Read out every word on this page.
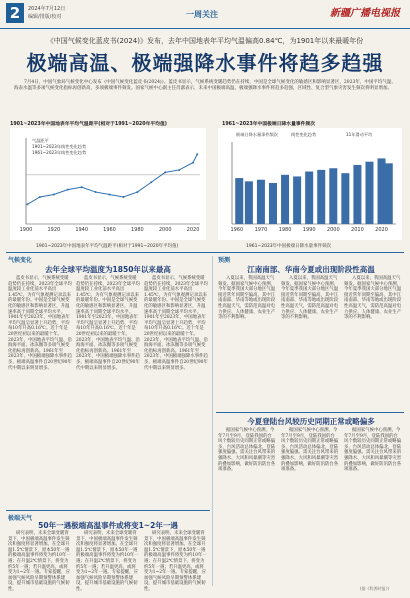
2	2024年7月12日
编辑/排版/校对	一周关注	新疆广播电视报
《中国气候变化蓝皮书(2024)》发布，去年中国地表年平均气温偏高0.84℃，为1901年以来最暖年份
极端高温、极端强降水事件将趋多趋强
7月4日，中国气象局气候变化中心发布《中国气候变化蓝皮书(2024)》。蓝皮书显示，气候系统变暖趋势仍在持续，中国是全球气候变化的敏感区和影响显著区，2023年，中国平均气温、海表水温等多项气候变化指标再创新高，多项极端事件频发。国家气候中心副主任肖潺表示，未来中国极端高温、极端强降水事件将趋多趋强，区域性、复合型气象灾害发生频次将明显增加。
1901~2023年中国地表年平均气温距平(相对于1991~2020年平均值)
1900	1920	1940	1960	1980	2000	2020
气温距平
1901~2023年线性变化趋势
1961~2023年线性变化趋势
1901~2023年中国地表年平均气温距平(相对于1991~2020年平均值)
1961~2023年中国极端日降水量事件频次
1960 1970 1980 1990 2000 2010 2020
极端日降水量事件频次	线性变化趋势	11年滑动平均
1961~2023年中国极端日降水量事件频次
气候变化
去年全球平均温度为1850年以来最高
蓝皮书显示，气候系统变暖趋势仍在持续，2023年全球平均温度较工业化前水平高出1.45℃，为有气象观测记录以来的最暖年份。中国是全球气候变化的敏感区和影响显著区，升温速率高于同期全球平均水平。1901年至2023年，中国地表年平均气温呈显著上升趋势，平均每10年升高0.16℃。近十年是20世纪初以来的最暖十年。2023年，中国地表平均气温、沿海海平面、冰冻圈等多项气候变化指标再创新高。1961年至2023年，中国极端强降水事件趋多，极端高温事件自20世纪90年代中期以来明显增多。
蓝皮书显示，气候系统变暖趋势仍在持续，2023年全球平均温度较工业化前水平高出1.45℃，为有气象观测记录以来的最暖年份。中国是全球气候变化的敏感区和影响显著区，升温速率高于同期全球平均水平。1901年至2023年，中国地表年平均气温呈显著上升趋势，平均每10年升高0.16℃。近十年是20世纪初以来的最暖十年。2023年，中国地表平均气温、沿海海平面、冰冻圈等多项气候变化指标再创新高。1961年至2023年，中国极端强降水事件趋多，极端高温事件自20世纪90年代中期以来明显增多。
蓝皮书显示，气候系统变暖趋势仍在持续，2023年全球平均温度较工业化前水平高出1.45℃，为有气象观测记录以来的最暖年份。中国是全球气候变化的敏感区和影响显著区，升温速率高于同期全球平均水平。1901年至2023年，中国地表年平均气温呈显著上升趋势，平均每10年升高0.16℃。近十年是20世纪初以来的最暖十年。2023年，中国地表平均气温、沿海海平面、冰冻圈等多项气候变化指标再创新高。1961年至2023年，中国极端强降水事件趋多，极端高温事件自20世纪90年代中期以来明显增多。
预测
江南南部、华南今夏或出现阶段性高温
入夏以来，我国高温天气频发。据国家气候中心预测，今年夏季我国大部分地区气温接近常年同期至偏高，其中江南南部、华南等地或出现阶段性高温天气，需防范高温对电力供应、人体健康、农业生产等的不利影响。
入夏以来，我国高温天气频发。据国家气候中心预测，今年夏季我国大部分地区气温接近常年同期至偏高，其中江南南部、华南等地或出现阶段性高温天气，需防范高温对电力供应、人体健康、农业生产等的不利影响。
入夏以来，我国高温天气频发。据国家气候中心预测，今年夏季我国大部分地区气温接近常年同期至偏高，其中江南南部、华南等地或出现阶段性高温天气，需防范高温对电力供应、人体健康、农业生产等的不利影响。
极端天气
50年一遇极端高温事件或将变1~2年一遇
研究表明，未来全球变暖背景下，中国极端高温事件发生频次和强度将显著增加。在全球升温1.5℃情景下，原本50年一遇的极端高温事件将变为约10年一遇；在升温2℃情景下，将变为约5年一遇；若升温更高，或将变为1~2年一遇。专家提醒，应加强气候风险早期预警体系建设，提升城市基础设施的气候韧性。
研究表明，未来全球变暖背景下，中国极端高温事件发生频次和强度将显著增加。在全球升温1.5℃情景下，原本50年一遇的极端高温事件将变为约10年一遇；在升温2℃情景下，将变为约5年一遇；若升温更高，或将变为1~2年一遇。专家提醒，应加强气候风险早期预警体系建设，提升城市基础设施的气候韧性。
研究表明，未来全球变暖背景下，中国极端高温事件发生频次和强度将显著增加。在全球升温1.5℃情景下，原本50年一遇的极端高温事件将变为约10年一遇；在升温2℃情景下，将变为约5年一遇；若升温更高，或将变为1~2年一遇。专家提醒，应加强气候风险早期预警体系建设，提升城市基础设施的气候韧性。
今夏登陆台风较历史同期正常或略偏多
据国家气候中心预测，今年7月至9月，登陆我国的台风个数较历史同期正常或略偏多，台风活动总体偏北，登陆强度偏强。需关注台风带来的强降水、大风和风暴潮等灾害的叠加影响，做好防汛防台各项准备。
据国家气候中心预测，今年7月至9月，登陆我国的台风个数较历史同期正常或略偏多，台风活动总体偏北，登陆强度偏强。需关注台风带来的强降水、大风和风暴潮等灾害的叠加影响，做好防汛防台各项准备。
据国家气候中心预测，今年7月至9月，登陆我国的台风个数较历史同期正常或略偏多，台风活动总体偏北，登陆强度偏强。需关注台风带来的强降水、大风和风暴潮等灾害的叠加影响，做好防汛防台各项准备。
(据《科普时报》)
